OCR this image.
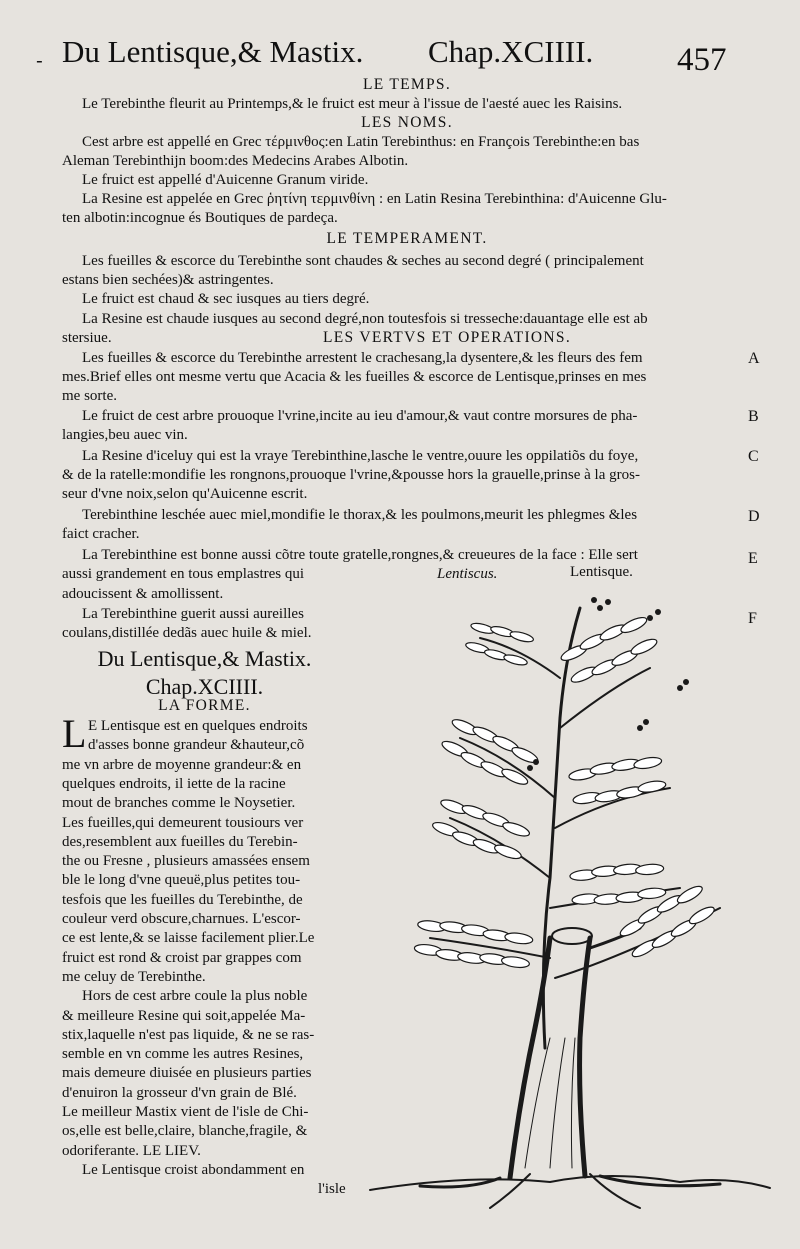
- Du Lentisque,& Mastix. Chap.XCIIII.	457
LE TEMPS.
Le Terebinthe fleurit au Printemps,& le fruict est meur à l'issue de l'aesté auec les Raisins.
LES NOMS.
Cest arbre est appellé en Grec τέρμινθος:en Latin Terebinthus: en François Terebinthe:en bas
Aleman Terebinthijn boom:des Medecins Arabes Albotin.
Le fruict est appellé d'Auicenne Granum viride.
La Resine est appelée en Grec ῥητίνη τερμινθίνη : en Latin Resina Terebinthina: d'Auicenne Glu-
ten albotin:incognue és Boutiques de pardeça.
LE TEMPERAMENT.
Les fueilles & escorce du Terebinthe sont chaudes & seches au second degré ( principalement
estans bien sechées)& astringentes.
Le fruict est chaud & sec iusques au tiers degré.
La Resine est chaude iusques au second degré,non toutesfois si tresseche:dauantage elle est ab
stersiue.	LES VERTVS ET OPERATIONS.
Les fueilles & escorce du Terebinthe arrestent le crachesang,la dysentere,& les fleurs des fem
mes.Brief elles ont mesme vertu que Acacia & les fueilles & escorce de Lentisque,prinses en mes
me sorte.
Le fruict de cest arbre prouoque l'vrine,incite au ieu d'amour,& vaut contre morsures de pha-
langies,beu auec vin.
La Resine d'iceluy qui est la vraye Terebinthine,lasche le ventre,ouure les oppilatiõs du foye,
& de la ratelle:mondifie les rongnons,prouoque l'vrine,&pousse hors la grauelle,prinse à la gros-
seur d'vne noix,selon qu'Auicenne escrit.
Terebinthine leschée auec miel,mondifie le thorax,& les poulmons,meurit les phlegmes &les
faict cracher.
La Terebinthine est bonne aussi cõtre toute gratelle,rongnes,& creueures de la face : Elle sert
aussi grandement en tous emplastres qui
adoucissent & amollissent.
La Terebinthine guerit aussi aureilles
coulans,distillée dedãs auec huile & miel.
A
B
C
D
E
F
Du Lentisque,& Mastix.
Chap.XCIIII.
LA FORME.
L E Lentisque est en quelques endroits
d'asses bonne grandeur &hauteur,cõ
me vn arbre de moyenne grandeur:& en
quelques endroits, il iette de la racine
mout de branches comme le Noysetier.
Les fueilles,qui demeurent tousiours ver
des,resemblent aux fueilles du Terebin-
the ou Fresne , plusieurs amassées ensem
ble le long d'vne queuë,plus petites tou-
tesfois que les fueilles du Terebinthe, de
couleur verd obscure,charnues. L'escor-
ce est lente,& se laisse facilement plier.Le
fruict est rond & croist par grappes com
me celuy de Terebinthe.
Hors de cest arbre coule la plus noble
& meilleure Resine qui soit,appelée Ma-
stix,laquelle n'est pas liquide, & ne se ras-
semble en vn comme les autres Resines,
mais demeure diuisée en plusieurs parties
d'enuiron la grosseur d'vn grain de Blé.
Le meilleur Mastix vient de l'isle de Chi-
os,elle est belle,claire, blanche,fragile, &
odoriferante. LE LIEV.
Le Lentisque croist abondamment en
l'isle
Lentiscus.	Lentisque.
